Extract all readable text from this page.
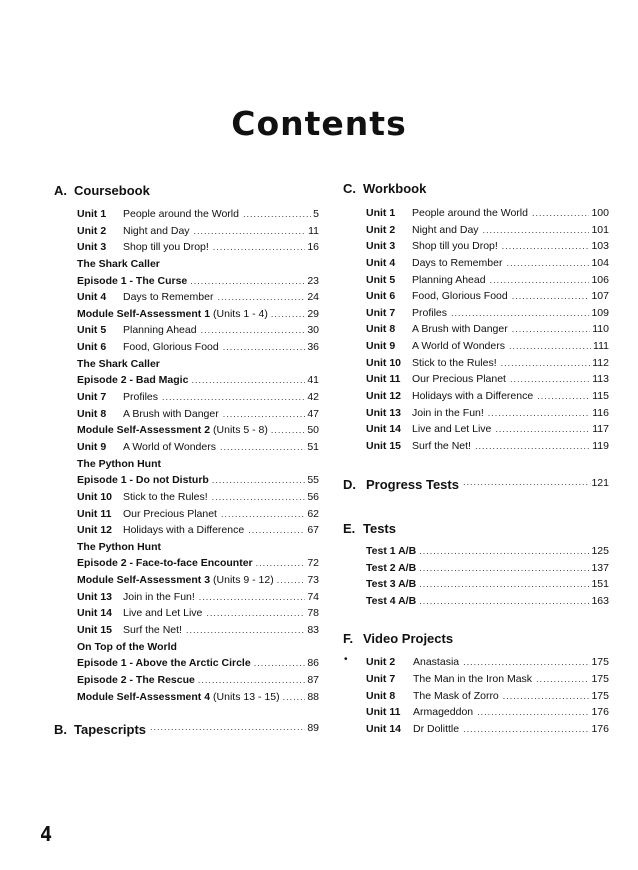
Contents
A. Coursebook
Unit 1 People around the World .....	5
Unit 2 Night and Day .....	11
Unit 3 Shop till you Drop! .....	16
The Shark Caller
Episode 1 - The Curse .....	23
Unit 4 Days to Remember .....	24
Module Self-Assessment 1 (Units 1 - 4) .....	29
Unit 5 Planning Ahead .....	30
Unit 6 Food, Glorious Food .....	36
The Shark Caller
Episode 2 - Bad Magic .....	41
Unit 7 Profiles .....	42
Unit 8 A Brush with Danger .....	47
Module Self-Assessment 2 (Units 5 - 8) .....	50
Unit 9 A World of Wonders .....	51
The Python Hunt
Episode 1 - Do not Disturb .....	55
Unit 10 Stick to the Rules! .....	56
Unit 11 Our Precious Planet .....	62
Unit 12 Holidays with a Difference .....	67
The Python Hunt
Episode 2 - Face-to-face Encounter .....	72
Module Self-Assessment 3 (Units 9 - 12) .....	73
Unit 13 Join in the Fun! .....	74
Unit 14 Live and Let Live .....	78
Unit 15 Surf the Net! .....	83
On Top of the World
Episode 1 - Above the Arctic Circle .....	86
Episode 2 - The Rescue .....	87
Module Self-Assessment 4 (Units 13 - 15) .....	88
B. Tapescripts .....	89
C. Workbook
Unit 1 People around the World .....	100
Unit 2 Night and Day .....	101
Unit 3 Shop till you Drop! .....	103
Unit 4 Days to Remember .....	104
Unit 5 Planning Ahead .....	106
Unit 6 Food, Glorious Food .....	107
Unit 7 Profiles .....	109
Unit 8 A Brush with Danger .....	110
Unit 9 A World of Wonders .....	111
Unit 10 Stick to the Rules! .....	112
Unit 11 Our Precious Planet .....	113
Unit 12 Holidays with a Difference .....	115
Unit 13 Join in the Fun! .....	116
Unit 14 Live and Let Live .....	117
Unit 15 Surf the Net! .....	119
D. Progress Tests .....	121
E. Tests
Test 1 A/B .....	125
Test 2 A/B .....	137
Test 3 A/B .....	151
Test 4 A/B .....	163
F. Video Projects
• Unit 2 Anastasia .....	175
Unit 7 The Man in the Iron Mask .....	175
Unit 8 The Mask of Zorro .....	175
Unit 11 Armageddon .....	176
Unit 14 Dr Dolittle .....	176
4
